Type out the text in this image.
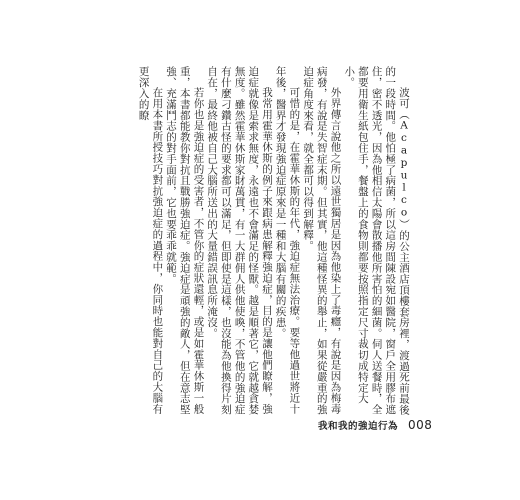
波可（Acapulco）的公主酒店頂樓套房裡，渡過死前最後的一段時間。他怕極了病菌，所以這房間陳設宛如醫院，窗戶全用膠布遮住，密不透光，因為他相信太陽會散播他所害怕的細菌。伺人送餐時，全都要用衛生紙包住手，餐盤上的食物則都要按照指定尺寸裁切成特定大小。

外界傳言說他之所以遠世獨居是因為他染上了毒癮，有說是因為梅毒病發，有說是失智症末期。但其實，他這種怪異的舉止，如果從嚴重的強迫症角度來看，就全都可以得到解釋。

可惜的是，在霍華休斯的年代，強迫症無法治療。要等他過世將近十年後，醫界才發現強迫症原來是一種和大腦有關的疾患。

我常用霍華休斯的例子來跟病患解釋強迫症，目的是讓他們瞭解，強迫症就像是索求無度，永遠也不會滿足的怪獸。越是順著它，它就越貪婪無度。雖然霍華休斯家財萬貫，有一大群佣人供他使喚，不管他的強迫症有什麼刁鑽古怪的要求都可以滿足，但即使是這樣，也沒能為他換得片刻自在，最終他被自己大腦所送出的大量錯誤訊息所淹沒。

若你也是強迫症的受害者，不管你的症狀還輕，或是如霍華休斯一般重，本書都能教你對抗且戰勝強迫症。強迫症是頑強的敵人，但在意志堅強、充滿鬥志的對手面前，它也要乖乖就範。

在用本書所授技巧對抗強迫症的過程中，你同時也能對自己的大腦有更深入的瞭

我和我的強迫行為 008
